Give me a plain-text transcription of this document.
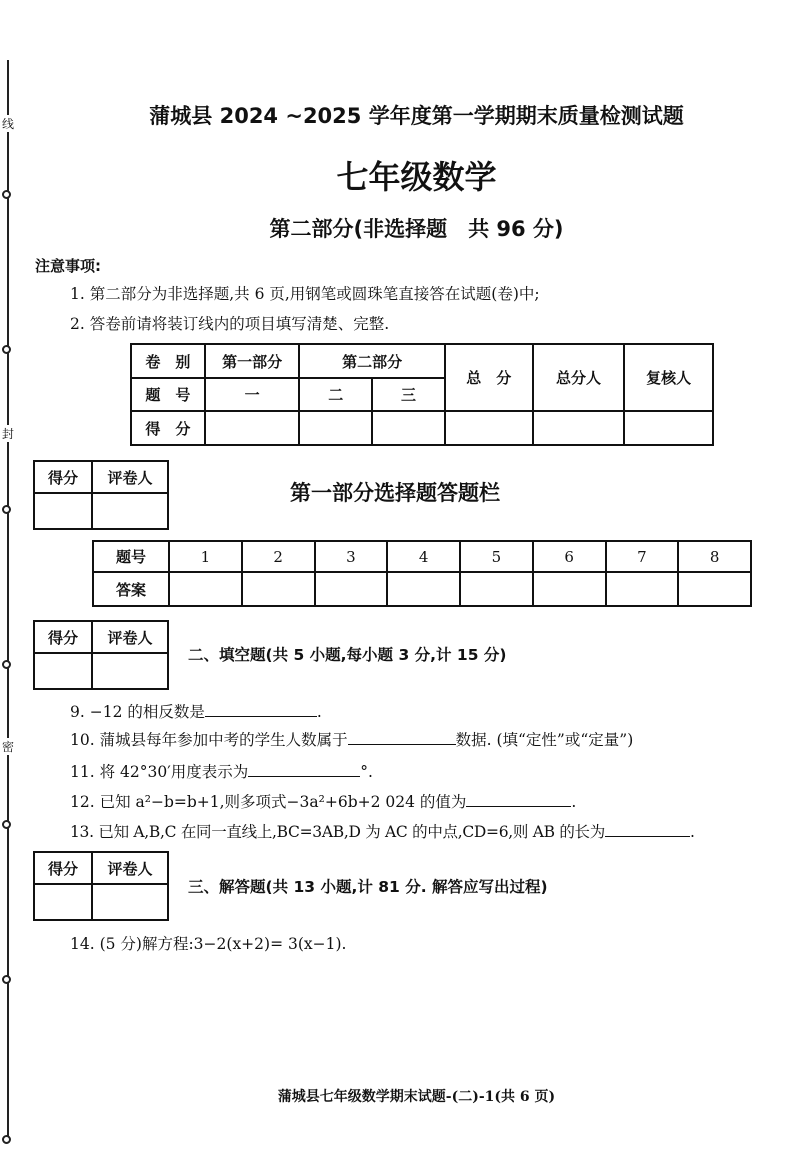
线
封
密
蒲城县 2024 ~2025 学年度第一学期期末质量检测试题
七年级数学
第二部分(非选择题　共 96 分)
注意事项:
1. 第二部分为非选择题,共 6 页,用钢笔或圆珠笔直接答在试题(卷)中;
2. 答卷前请将装订线内的项目填写清楚、完整.
卷　别	第一部分	第二部分		总　分	总分人	复核人
题　号	一	二	三			
得　分						
得分	评卷人

第一部分选择题答题栏
题号	1	2	3	4	5	6	7	8
答案								
得分	评卷人

二、填空题(共 5 小题,每小题 3 分,计 15 分)
9. −12 的相反数是	.
10. 蒲城县每年参加中考的学生人数属于	数据. (填“定性”或“定量”)
11. 将 42°30′用度表示为	°.
12. 已知 a²−b=b+1,则多项式−3a²+6b+2 024 的值为	.
13. 已知 A,B,C 在同一直线上,BC=3AB,D 为 AC 的中点,CD=6,则 AB 的长为	.
得分	评卷人

三、解答题(共 13 小题,计 81 分. 解答应写出过程)
14. (5 分)解方程:3−2(x+2)= 3(x−1).
蒲城县七年级数学期末试题-(二)-1(共 6 页)
